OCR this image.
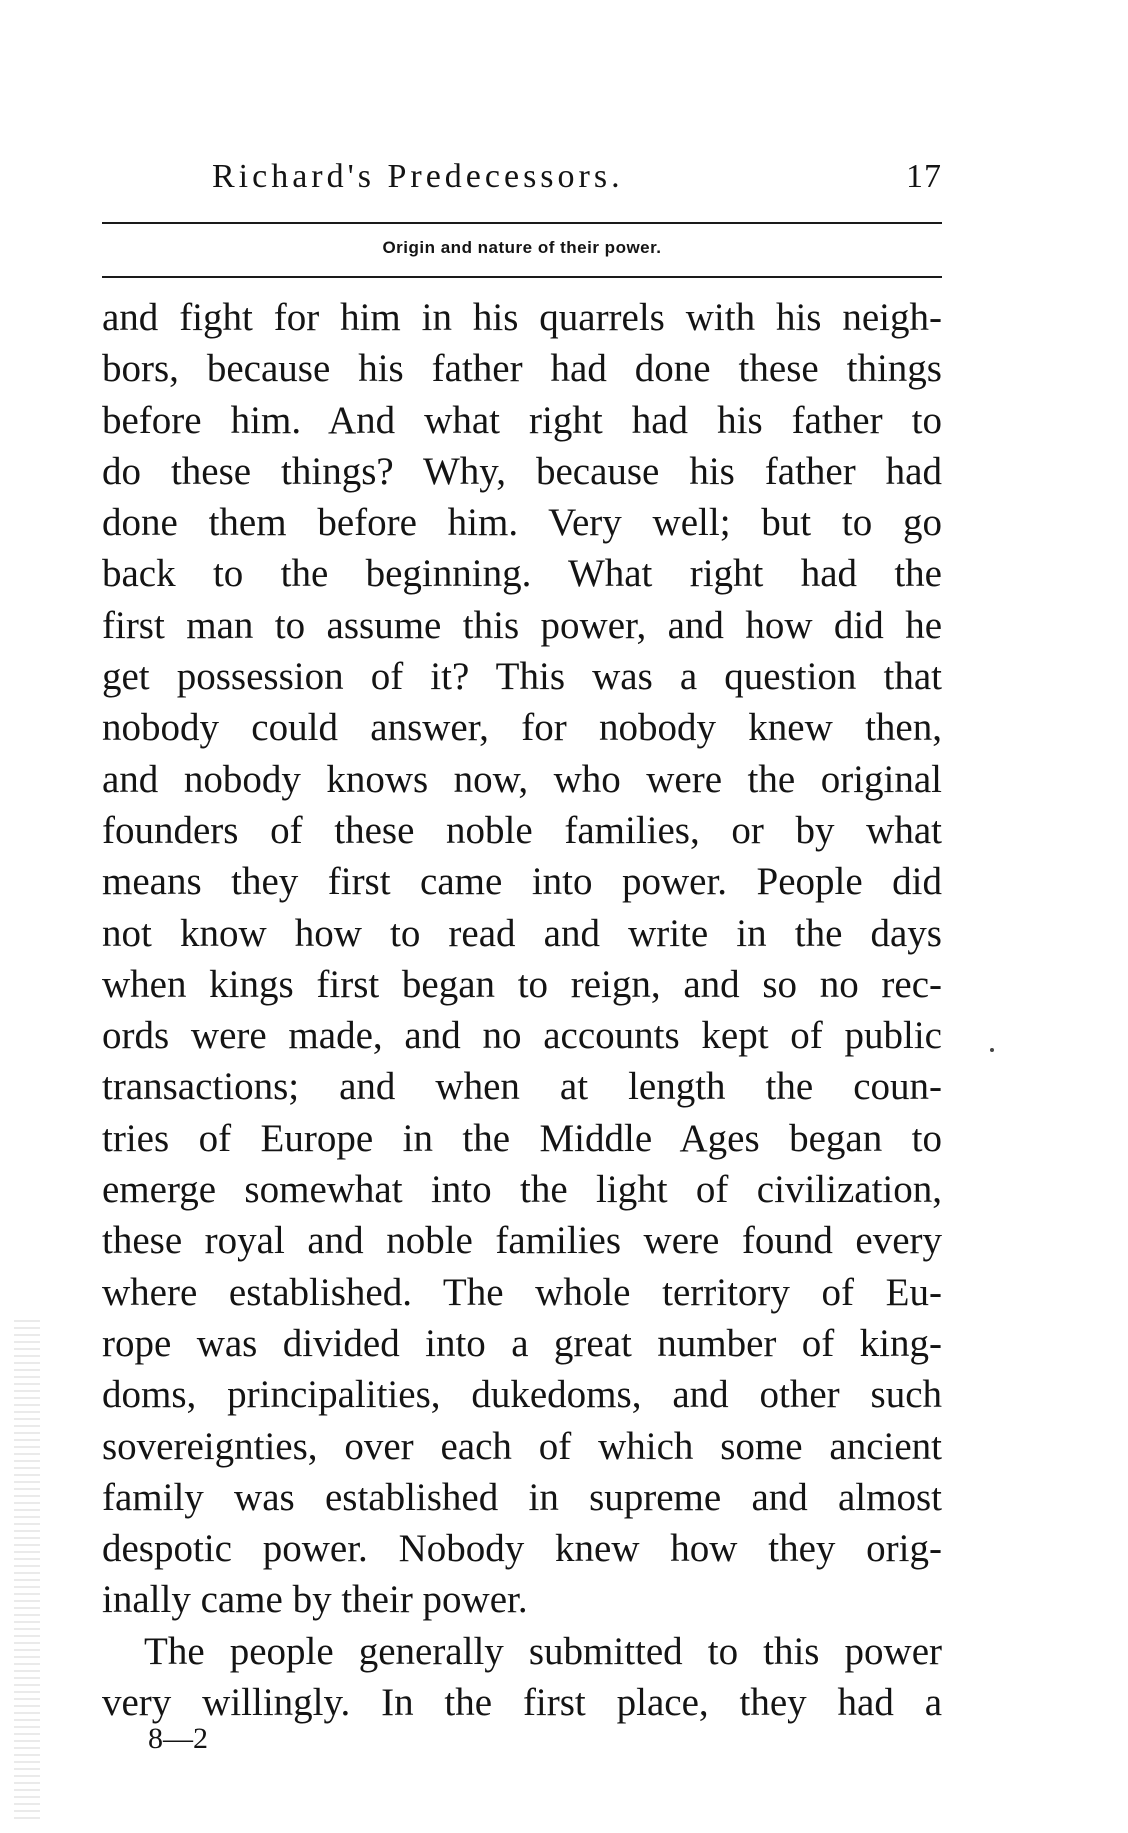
Richard's Predecessors.	17
Origin and nature of their power.
and fight for him in his quarrels with his neigh-
bors, because his father had done these things
before him. And what right had his father to
do these things? Why, because his father had
done them before him. Very well; but to go
back to the beginning. What right had the
first man to assume this power, and how did he
get possession of it? This was a question that
nobody could answer, for nobody knew then,
and nobody knows now, who were the original
founders of these noble families, or by what
means they first came into power. People did
not know how to read and write in the days
when kings first began to reign, and so no rec-
ords were made, and no accounts kept of public
transactions; and when at length the coun-
tries of Europe in the Middle Ages began to
emerge somewhat into the light of civilization,
these royal and noble families were found every
where established. The whole territory of Eu-
rope was divided into a great number of king-
doms, principalities, dukedoms, and other such
sovereignties, over each of which some ancient
family was established in supreme and almost
despotic power. Nobody knew how they orig-
inally came by their power.
The people generally submitted to this power
very willingly. In the first place, they had a
8—2
